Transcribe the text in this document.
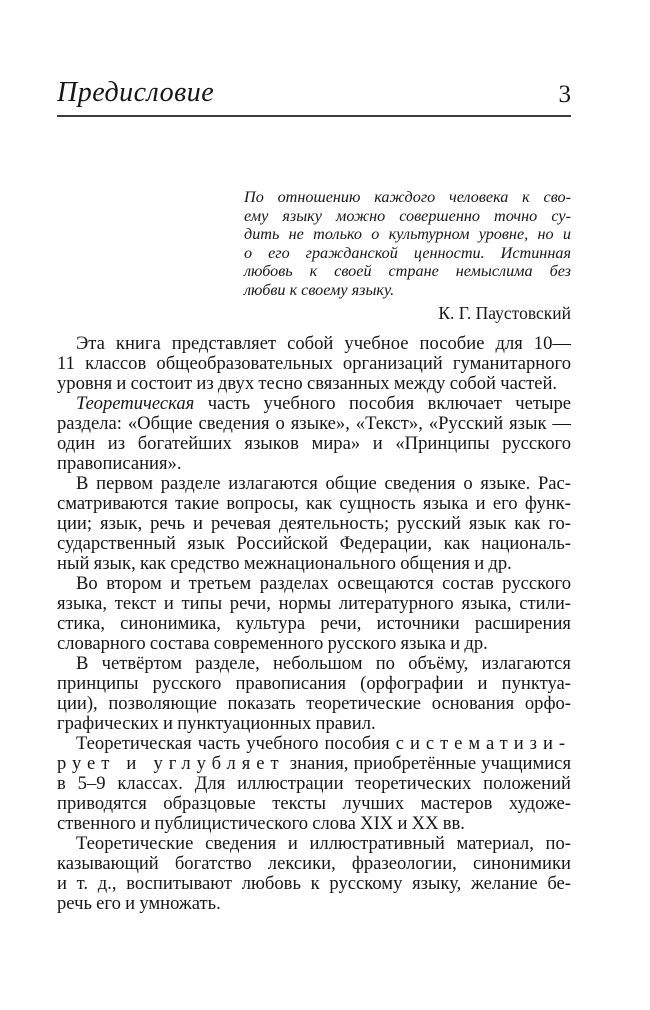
Предисловие	3
По отношению каждого человека к сво-
ему языку можно совершенно точно су-
дить не только о культурном уровне, но и
о его гражданской ценности. Истинная
любовь к своей стране немыслима без
любви к своему языку.
К. Г. Паустовский
Эта книга представляет собой учебное пособие для 10—
11 классов общеобразовательных организаций гуманитарного
уровня и состоит из двух тесно связанных между собой частей.
Теоретическая часть учебного пособия включает четыре
раздела: «Общие сведения о языке», «Текст», «Русский язык —
один из богатейших языков мира» и «Принципы русского
правописания».
В первом разделе излагаются общие сведения о языке. Рас-
сматриваются такие вопросы, как сущность языка и его функ-
ции; язык, речь и речевая деятельность; русский язык как го-
сударственный язык Российской Федерации, как националь-
ный язык, как средство межнационального общения и др.
Во втором и третьем разделах освещаются состав русского
языка, текст и типы речи, нормы литературного языка, стили-
стика, синонимика, культура речи, источники расширения
словарного состава современного русского языка и др.
В четвёртом разделе, небольшом по объёму, излагаются
принципы русского правописания (орфографии и пунктуа-
ции), позволяющие показать теоретические основания орфо-
графических и пунктуационных правил.
Теоретическая часть учебного пособия систематизи-
рует и углубляет знания, приобретённые учащимися
в 5–9 классах. Для иллюстрации теоретических положений
приводятся образцовые тексты лучших мастеров художе-
ственного и публицистического слова XIX и XX вв.
Теоретические сведения и иллюстративный материал, по-
казывающий богатство лексики, фразеологии, синонимики
и т. д., воспитывают любовь к русскому языку, желание бе-
речь его и умножать.
